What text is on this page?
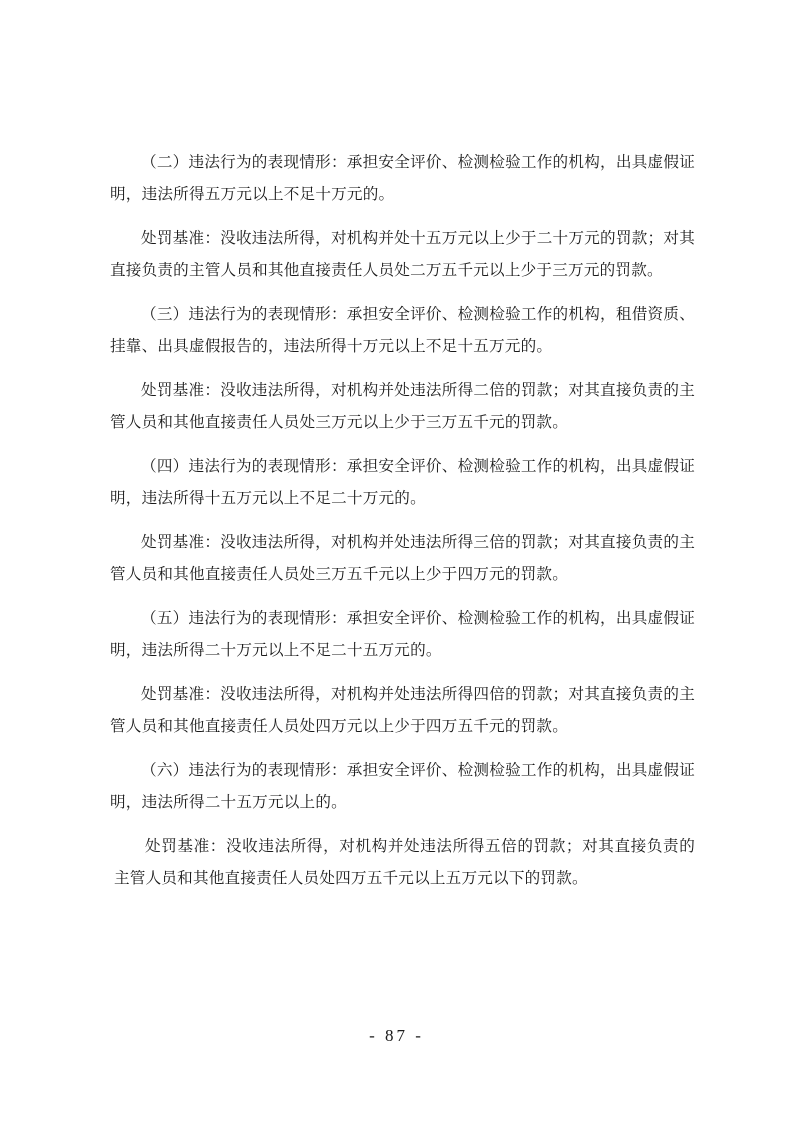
（二）违法行为的表现情形：承担安全评价、检测检验工作的机构，出具虚假证明，违法所得五万元以上不足十万元的。

处罚基准：没收违法所得，对机构并处十五万元以上少于二十万元的罚款；对其直接负责的主管人员和其他直接责任人员处二万五千元以上少于三万元的罚款。

（三）违法行为的表现情形：承担安全评价、检测检验工作的机构，租借资质、挂靠、出具虚假报告的，违法所得十万元以上不足十五万元的。

处罚基准：没收违法所得，对机构并处违法所得二倍的罚款；对其直接负责的主管人员和其他直接责任人员处三万元以上少于三万五千元的罚款。

（四）违法行为的表现情形：承担安全评价、检测检验工作的机构，出具虚假证明，违法所得十五万元以上不足二十万元的。

处罚基准：没收违法所得，对机构并处违法所得三倍的罚款；对其直接负责的主管人员和其他直接责任人员处三万五千元以上少于四万元的罚款。

（五）违法行为的表现情形：承担安全评价、检测检验工作的机构，出具虚假证明，违法所得二十万元以上不足二十五万元的。

处罚基准：没收违法所得，对机构并处违法所得四倍的罚款；对其直接负责的主管人员和其他直接责任人员处四万元以上少于四万五千元的罚款。

（六）违法行为的表现情形：承担安全评价、检测检验工作的机构，出具虚假证明，违法所得二十五万元以上的。

处罚基准：没收违法所得，对机构并处违法所得五倍的罚款；对其直接负责的主管人员和其他直接责任人员处四万五千元以上五万元以下的罚款。

- 87 -
